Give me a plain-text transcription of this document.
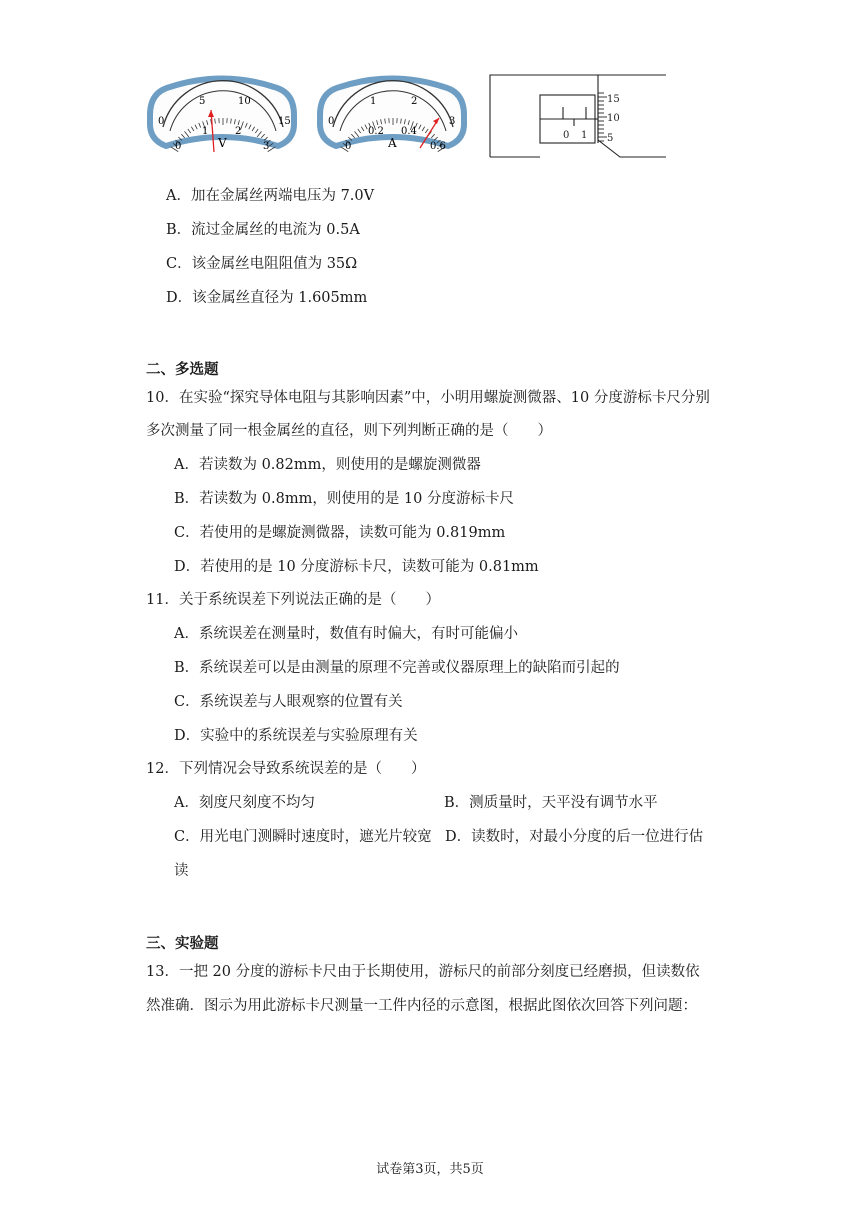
0
5	10
15
0
1	2
3
V
0
1	2
3
0
0.2 0.4
0.6
A
0 1
15
10
5
A．加在金属丝两端电压为 7.0V
B．流过金属丝的电流为 0.5A
C．该金属丝电阻阻值为 35Ω
D．该金属丝直径为 1.605mm
二、多选题
10．在实验“探究导体电阻与其影响因素”中，小明用螺旋测微器、10 分度游标卡尺分别
多次测量了同一根金属丝的直径，则下列判断正确的是（　　）
A．若读数为 0.82mm，则使用的是螺旋测微器
B．若读数为 0.8mm，则使用的是 10 分度游标卡尺
C．若使用的是螺旋测微器，读数可能为 0.819mm
D．若使用的是 10 分度游标卡尺，读数可能为 0.81mm
11．关于系统误差下列说法正确的是（　　）
A．系统误差在测量时，数值有时偏大，有时可能偏小
B．系统误差可以是由测量的原理不完善或仪器原理上的缺陷而引起的
C．系统误差与人眼观察的位置有关
D．实验中的系统误差与实验原理有关
12．下列情况会导致系统误差的是（　　）
A．刻度尺刻度不均匀	B．测质量时，天平没有调节水平
C．用光电门测瞬时速度时，遮光片较宽 D．读数时，对最小分度的后一位进行估
读
三、实验题
13．一把 20 分度的游标卡尺由于长期使用，游标尺的前部分刻度已经磨损，但读数依
然准确．图示为用此游标卡尺测量一工件内径的示意图，根据此图依次回答下列问题：
试卷第3页，共5页
